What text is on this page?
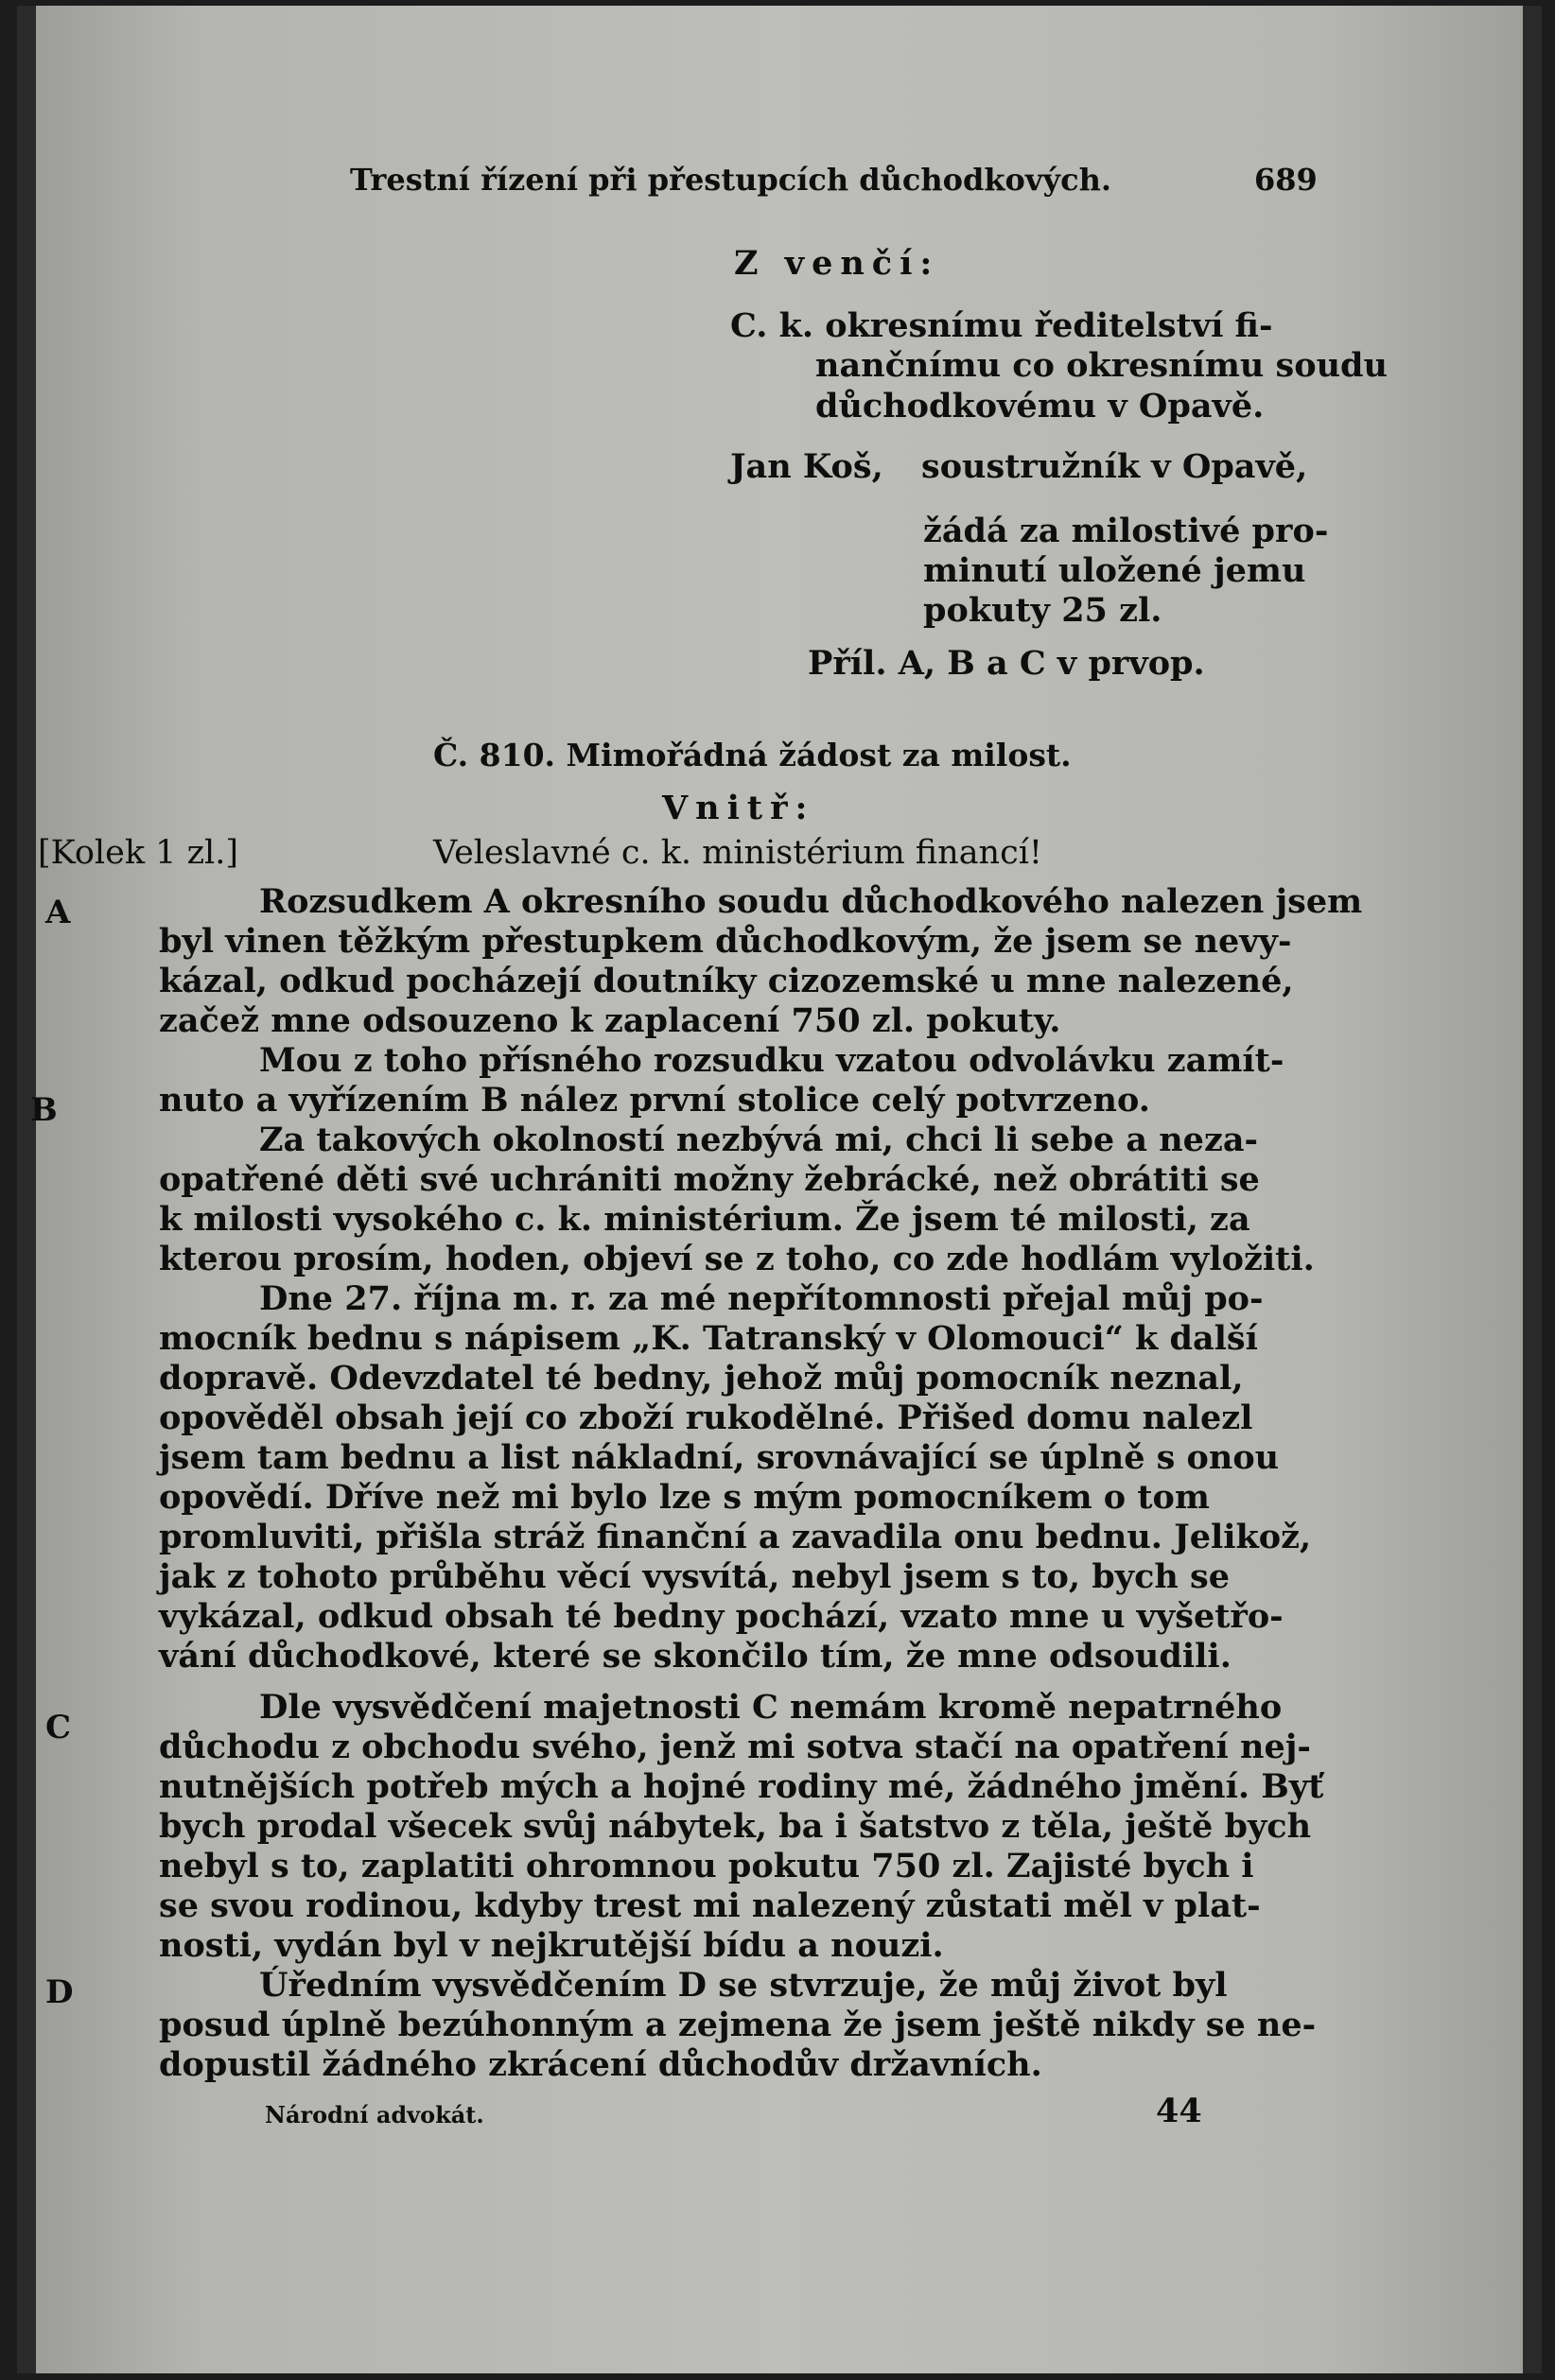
Trestní řízení při přestupcích důchodkových.	689
Z venčí:
C. k. okresnímu ředitelství fi-
nančnímu co okresnímu soudu
důchodkovému v Opavě.
Jan Koš, soustružník v Opavě,
žádá za milostivé pro-
minutí uložené jemu
pokuty 25 zl.
Příl. A, B a C v prvop.
Č. 810. Mimořádná žádost za milost.
Vnitř:
[Kolek 1 zl.]	Veleslavné c. k. ministérium financí!
A
B
C
D
Rozsudkem A okresního soudu důchodkového nalezen jsem
byl vinen těžkým přestupkem důchodkovým, že jsem se nevy-
kázal, odkud pocházejí doutníky cizozemské u mne nalezené,
začež mne odsouzeno k zaplacení 750 zl. pokuty.
Mou z toho přísného rozsudku vzatou odvolávku zamít-
nuto a vyřízením B nález první stolice celý potvrzeno.
Za takových okolností nezbývá mi, chci li sebe a neza-
opatřené děti své uchrániti možny žebrácké, než obrátiti se
k milosti vysokého c. k. ministérium. Že jsem té milosti, za
kterou prosím, hoden, objeví se z toho, co zde hodlám vyložiti.
Dne 27. října m. r. za mé nepřítomnosti přejal můj po-
mocník bednu s nápisem „K. Tatranský v Olomouci“ k další
dopravě. Odevzdatel té bedny, jehož můj pomocník neznal,
opověděl obsah její co zboží rukodělné. Přišed domu nalezl
jsem tam bednu a list nákladní, srovnávající se úplně s onou
opovědí. Dříve než mi bylo lze s mým pomocníkem o tom
promluviti, přišla stráž finanční a zavadila onu bednu. Jelikož,
jak z tohoto průběhu věcí vysvítá, nebyl jsem s to, bych se
vykázal, odkud obsah té bedny pochází, vzato mne u vyšetřo-
vání důchodkové, které se skončilo tím, že mne odsoudili.
Dle vysvědčení majetnosti C nemám kromě nepatrného
důchodu z obchodu svého, jenž mi sotva stačí na opatření nej-
nutnějších potřeb mých a hojné rodiny mé, žádného jmění. Byť
bych prodal všecek svůj nábytek, ba i šatstvo z těla, ještě bych
nebyl s to, zaplatiti ohromnou pokutu 750 zl. Zajisté bych i
se svou rodinou, kdyby trest mi nalezený zůstati měl v plat-
nosti, vydán byl v nejkrutější bídu a nouzi.
Úředním vysvědčením D se stvrzuje, že můj život byl
posud úplně bezúhonným a zejmena že jsem ještě nikdy se ne-
dopustil žádného zkrácení důchodův državních.
Národní advokát.	44
